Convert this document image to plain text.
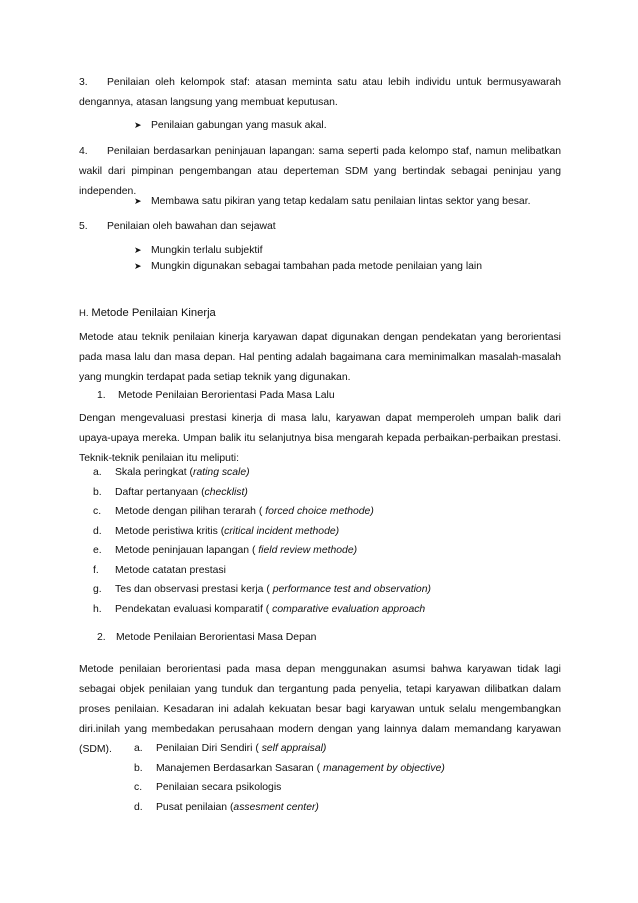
3. Penilaian oleh kelompok staf: atasan meminta satu atau lebih individu untuk bermusyawarah dengannya, atasan langsung yang membuat keputusan.
➤ Penilaian gabungan yang masuk akal.
4. Penilaian berdasarkan peninjauan lapangan: sama seperti pada kelompo staf, namun melibatkan wakil dari pimpinan pengembangan atau deperteman SDM yang bertindak sebagai peninjau yang independen.
➤ Membawa satu pikiran yang tetap kedalam satu penilaian lintas sektor yang besar.
5. Penilaian oleh bawahan dan sejawat
➤ Mungkin terlalu subjektif
➤ Mungkin digunakan sebagai tambahan pada metode penilaian yang lain
H. Metode Penilaian Kinerja
Metode atau teknik penilaian kinerja karyawan dapat digunakan dengan pendekatan yang berorientasi pada masa lalu dan masa depan. Hal penting adalah bagaimana cara meminimalkan masalah-masalah yang mungkin terdapat pada setiap teknik yang digunakan.
1. Metode Penilaian Berorientasi Pada Masa Lalu
Dengan mengevaluasi prestasi kinerja di masa lalu, karyawan dapat memperoleh umpan balik dari upaya-upaya mereka. Umpan balik itu selanjutnya bisa mengarah kepada perbaikan-perbaikan prestasi. Teknik-teknik penilaian itu meliputi:
a. Skala peringkat (rating scale)
b. Daftar pertanyaan (checklist)
c. Metode dengan pilihan terarah ( forced choice methode)
d. Metode peristiwa kritis (critical incident methode)
e. Metode peninjauan lapangan ( field review methode)
f. Metode catatan prestasi
g. Tes dan observasi prestasi kerja ( performance test and observation)
h. Pendekatan evaluasi komparatif ( comparative evaluation approach
2. Metode Penilaian Berorientasi Masa Depan
Metode penilaian berorientasi pada masa depan menggunakan asumsi bahwa karyawan tidak lagi sebagai objek penilaian yang tunduk dan tergantung pada penyelia, tetapi karyawan dilibatkan dalam proses penilaian. Kesadaran ini adalah kekuatan besar bagi karyawan untuk selalu mengembangkan diri.inilah yang membedakan perusahaan modern dengan yang lainnya dalam memandang karyawan (SDM).	a. Penilaian Diri Sendiri ( self appraisal)
b. Manajemen Berdasarkan Sasaran ( management by objective)
c. Penilaian secara psikologis
d. Pusat penilaian (assesment center)
